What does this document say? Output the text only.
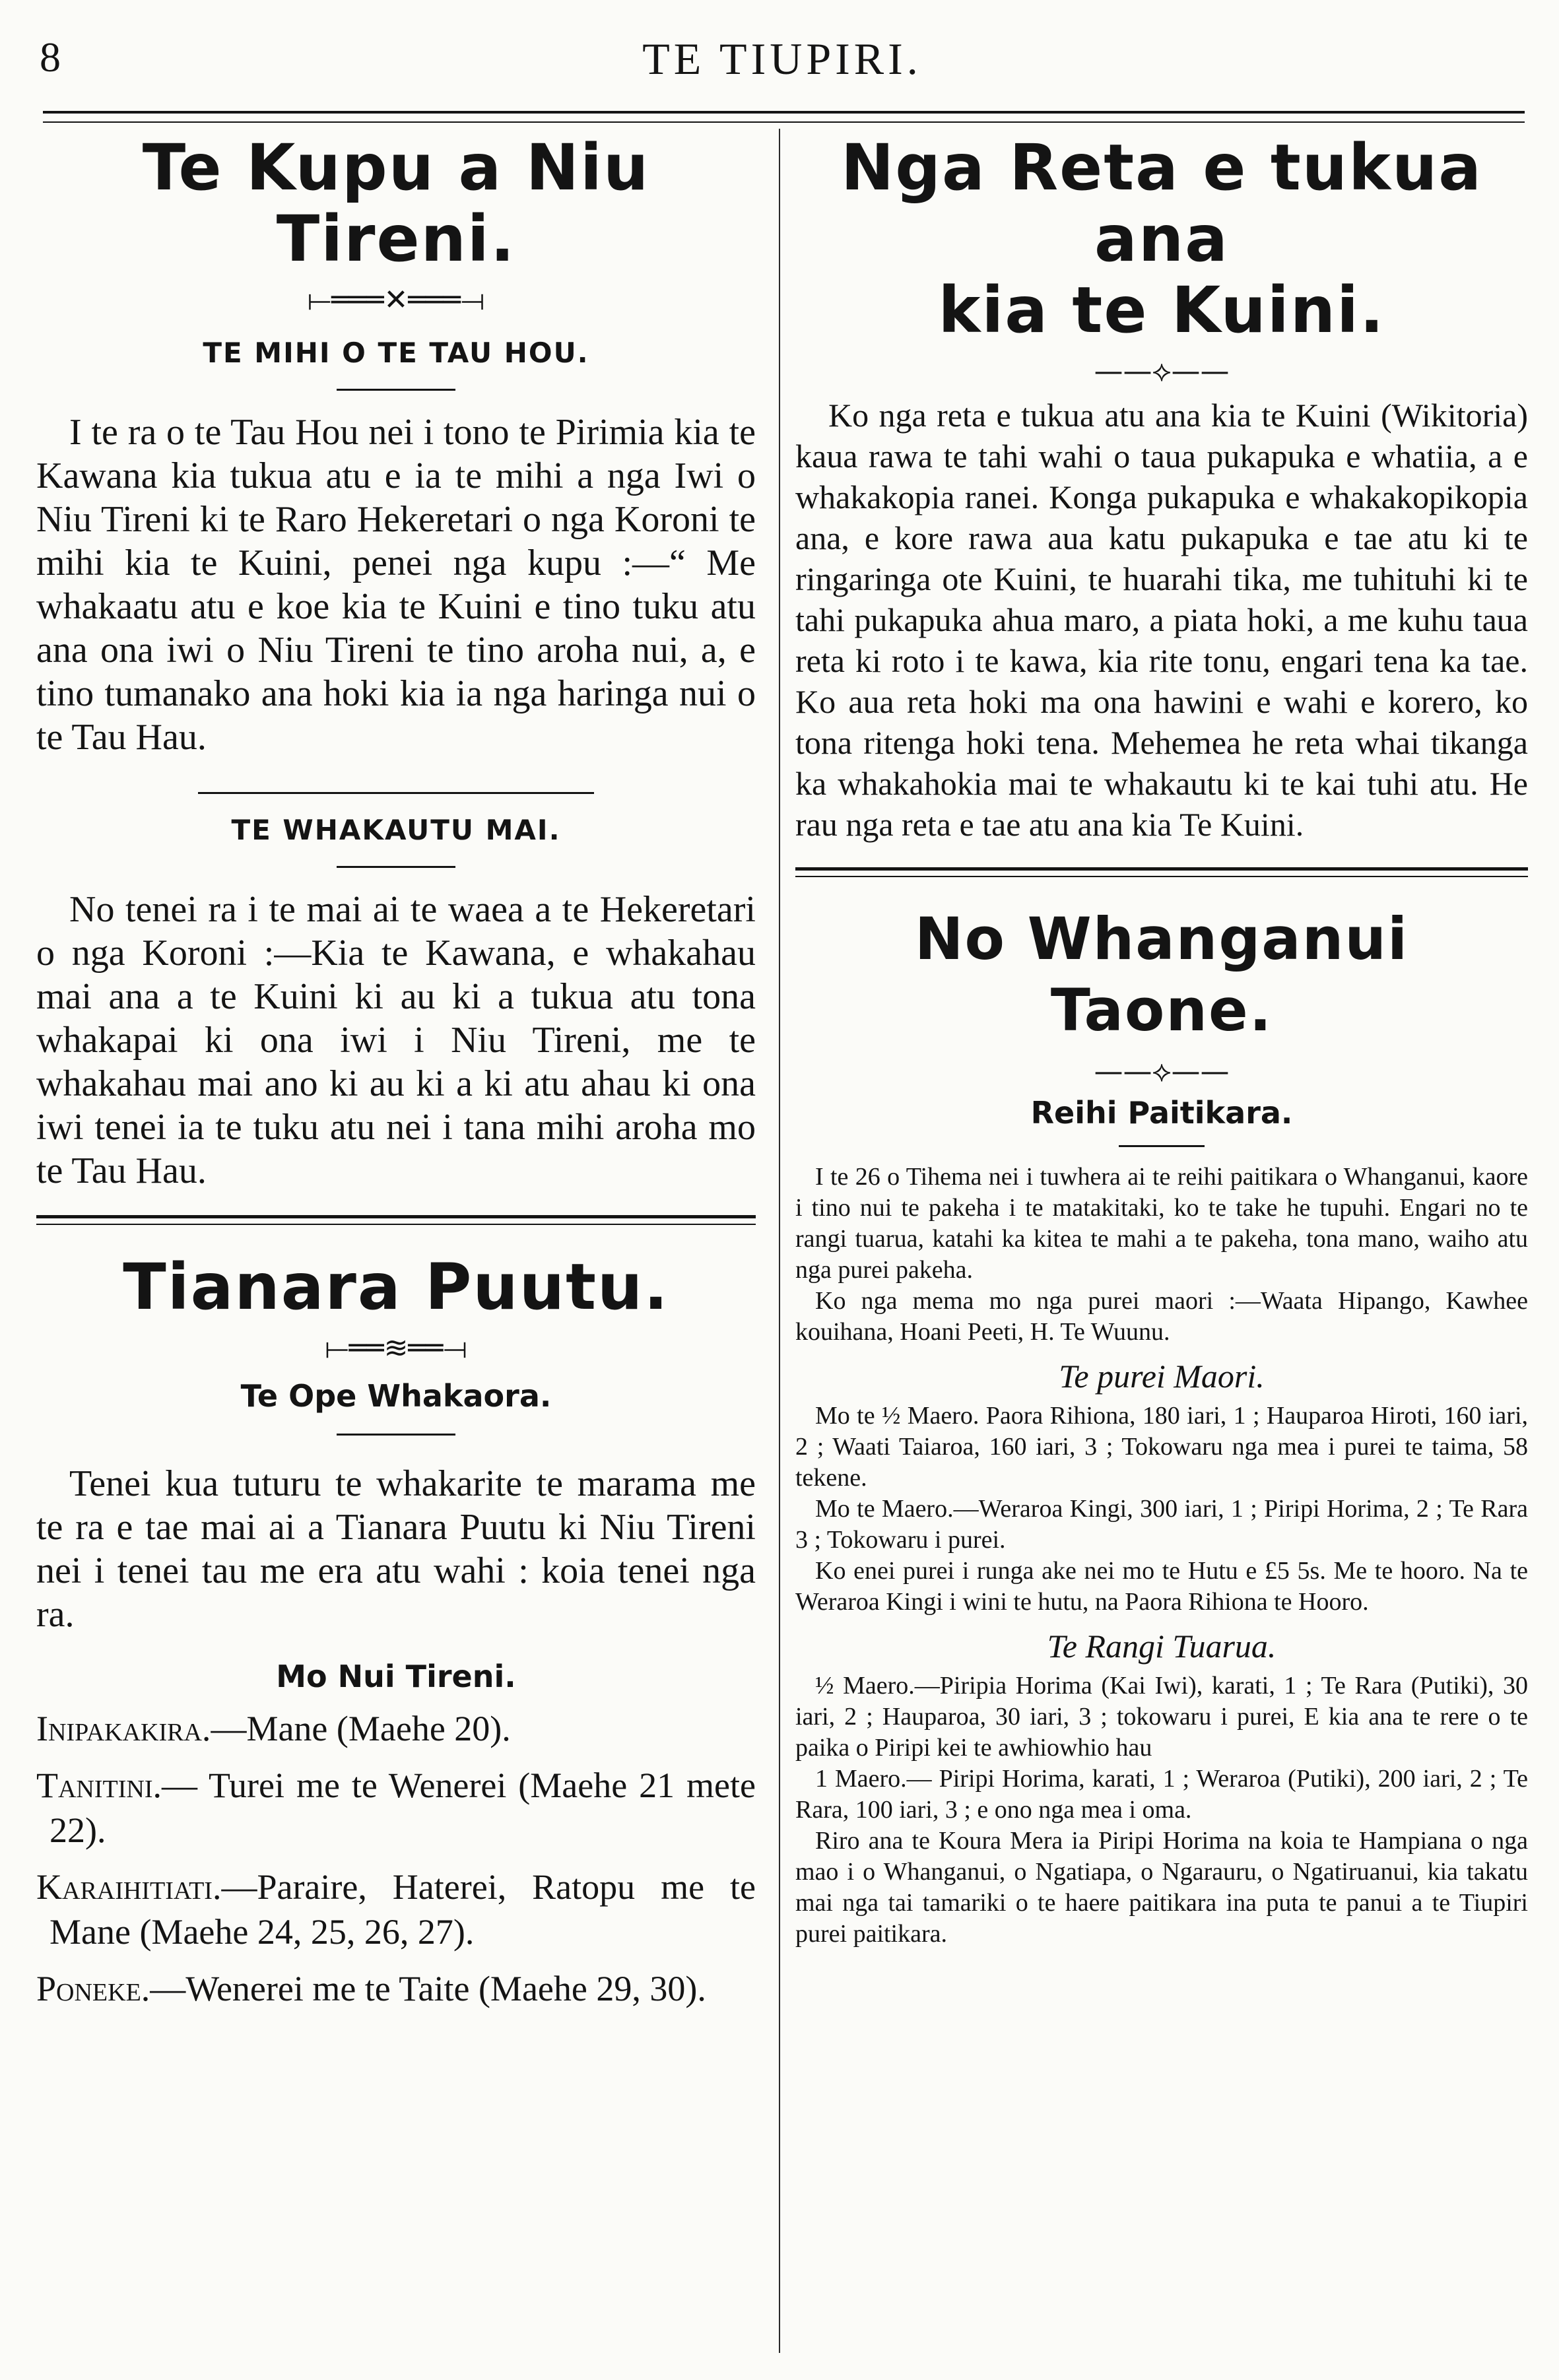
8	TE TIUPIRI.
Te Kupu a Niu Tireni.
⟝═══✕═══⟞
TE MIHI O TE TAU HOU.

I te ra o te Tau Hou nei i tono te Pirimia kia te Kawana kia tukua atu e ia te mihi a nga Iwi o Niu Tireni ki te Raro Hekeretari o nga Koroni te mihi kia te Kuini, penei nga kupu :—“ Me whakaatu atu e koe kia te Kuini e tino tuku atu ana ona iwi o Niu Tireni te tino aroha nui, a, e tino tumanako ana hoki kia ia nga haringa nui o te Tau Hau.

TE WHAKAUTU MAI.

No tenei ra i te mai ai te waea a te Hekeretari o nga Koroni :—Kia te Kawana, e whakahau mai ana a te Kuini ki au ki a tukua atu tona whakapai ki ona iwi i Niu Tireni, me te whakahau mai ano ki au ki a ki atu ahau ki ona iwi tenei ia te tuku atu nei i tana mihi aroha mo te Tau Hau.

Tianara Puutu.
⟝══≋══⟞
Te Ope Whakaora.

Tenei kua tuturu te whakarite te marama me te ra e tae mai ai a Tianara Puutu ki Niu Tireni nei i tenei tau me era atu wahi : koia tenei nga ra.

Mo Nui Tireni.

Inipakakira.—Mane (Maehe 20).

Tanitini.— Turei me te Wenerei (Maehe 21 mete 22).

Karaihitiati.—Paraire, Haterei, Ratopu me te Mane (Maehe 24, 25, 26, 27).

Poneke.—Wenerei me te Taite (Maehe 29, 30).

Nga Reta e tukua ana
kia te Kuini.
——⟡——

Ko nga reta e tukua atu ana kia te Kuini (Wikitoria) kaua rawa te tahi wahi o taua pukapuka e whatiia, a e whakakopia ranei. Konga pukapuka e whakakopikopia ana, e kore rawa aua katu pukapuka e tae atu ki te ringaringa ote Kuini, te huarahi tika, me tuhituhi ki te tahi pukapuka ahua maro, a piata hoki, a me kuhu taua reta ki roto i te kawa, kia rite tonu, engari tena ka tae. Ko aua reta hoki ma ona hawini e wahi e korero, ko tona ritenga hoki tena. Mehemea he reta whai tikanga ka whakahokia mai te whakautu ki te kai tuhi atu. He rau nga reta e tae atu ana kia Te Kuini.

No Whanganui Taone.
——⟡——
Reihi Paitikara.

I te 26 o Tihema nei i tuwhera ai te reihi paitikara o Whanganui, kaore i tino nui te pakeha i te matakitaki, ko te take he tupuhi. Engari no te rangi tuarua, katahi ka kitea te mahi a te pakeha, tona mano, waiho atu nga purei pakeha.

Ko nga mema mo nga purei maori :—Waata Hipango, Kawhee kouihana, Hoani Peeti, H. Te Wuunu.

Te purei Maori.

Mo te ½ Maero. Paora Rihiona, 180 iari, 1 ; Hauparoa Hiroti, 160 iari, 2 ; Waati Taiaroa, 160 iari, 3 ; Tokowaru nga mea i purei te taima, 58 tekene.

Mo te Maero.—Weraroa Kingi, 300 iari, 1 ; Piripi Horima, 2 ; Te Rara 3 ; Tokowaru i purei.

Ko enei purei i runga ake nei mo te Hutu e £5 5s. Me te hooro. Na te Weraroa Kingi i wini te hutu, na Paora Rihiona te Hooro.

Te Rangi Tuarua.

½ Maero.—Piripia Horima (Kai Iwi), karati, 1 ; Te Rara (Putiki), 30 iari, 2 ; Hauparoa, 30 iari, 3 ; tokowaru i purei, E kia ana te rere o te paika o Piripi kei te awhiowhio hau

1 Maero.— Piripi Horima, karati, 1 ; Weraroa (Putiki), 200 iari, 2 ; Te Rara, 100 iari, 3 ; e ono nga mea i oma.

Riro ana te Koura Mera ia Piripi Horima na koia te Hampiana o nga mao i o Whanganui, o Ngatiapa, o Ngarauru, o Ngatiruanui, kia takatu mai nga tai tamariki o te haere paitikara ina puta te panui a te Tiupiri purei paitikara.
